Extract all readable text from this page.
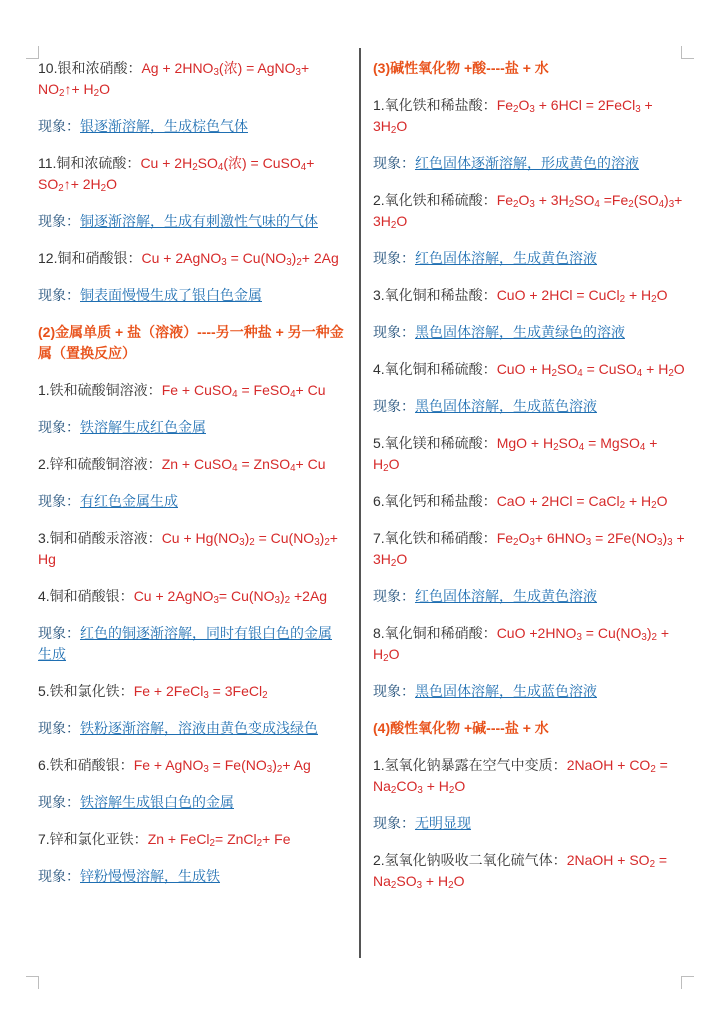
10.银和浓硝酸：$Ag + 2HNO_3$(浓) = AgNO$_3$+ $NO_2↑+ H_2O$
现象：银逐渐溶解，生成棕色气体
11.铜和浓硫酸：$Cu + 2H_2SO_4$(浓) = CuSO$_4$+ $SO_2↑+ 2H_2O$
现象：铜逐渐溶解，生成有刺激性气味的气体
12.铜和硝酸银：Cu + 2AgNO$_3$ = $Cu(NO_3)_2+ 2Ag$
现象：铜表面慢慢生成了银白色金属
(2)金属单质 + 盐（溶液）----另一种盐 + 另一种金属（置换反应）
1.铁和硫酸铜溶液：Fe + CuSO$_4$ = FeSO$_4$+ Cu
现象：铁溶解生成红色金属
2.锌和硫酸铜溶液：Zn + CuSO$_4$ = ZnSO$_4$+ Cu
现象：有红色金属生成
3.铜和硝酸汞溶液：$Cu + Hg(NO_3)_2 = Cu(NO_3)_2+ Hg$
4.铜和硝酸银：Cu + 2AgNO$_3$= $Cu(NO_3)_2 +2Ag$
现象：红色的铜逐渐溶解，同时有银白色的金属生成
5.铁和氯化铁：Fe + 2FeCl$_3$ = 3FeCl$_2$
现象：铁粉逐渐溶解，溶液由黄色变成浅绿色
6.铁和硝酸银：Fe + AgNO$_3$ = $Fe(NO_3)_2+ Ag$
现象：铁溶解生成银白色的金属
7.锌和氯化亚铁：Zn + FeCl$_2$= ZnCl$_2$+ Fe
现象：锌粉慢慢溶解，生成铁
(3)碱性氧化物 +酸----盐 + 水
1.氧化铁和稀盐酸：$Fe_2O_3 + 6HCl$ = 2FeCl$_3$ + $3H_2O$
现象：红色固体逐渐溶解，形成黄色的溶液
2.氧化铁和稀硫酸：$Fe_2O_3 + 3H_2SO_4 =Fe_2(SO_4)_3+ 3H_2O$
现象：红色固体溶解，生成黄色溶液
3.氧化铜和稀盐酸：CuO + 2HCl = CuCl$_2$ + $H_2O$
现象：黑色固体溶解，生成黄绿色的溶液
4.氧化铜和稀硫酸：CuO + $H_2SO_4$ = CuSO$_4$ + $H_2O$
现象：黑色固体溶解，生成蓝色溶液
5.氧化镁和稀硫酸：MgO + $H_2SO_4$ = MgSO$_4$ + $H_2O$
6.氧化钙和稀盐酸：CaO + 2HCl = CaCl$_2$ + $H_2O$
7.氧化铁和稀硝酸：$Fe_2O_3+ 6HNO_3 = 2Fe(NO_3)_3 + 3H_2O$
现象：红色固体溶解，生成黄色溶液
8.氧化铜和稀硝酸：CuO $+2HNO_3 = Cu(NO_3)_2 + H_2O$
现象：黑色固体溶解，生成蓝色溶液
(4)酸性氧化物 +碱----盐 + 水
1.氢氧化钠暴露在空气中变质：2NaOH + $CO_2 = Na_2CO_3 + H_2O$
现象：无明显现
2.氢氧化钠吸收二氧化硫气体：2NaOH + $SO_2 = Na_2SO_3 + H_2O$
